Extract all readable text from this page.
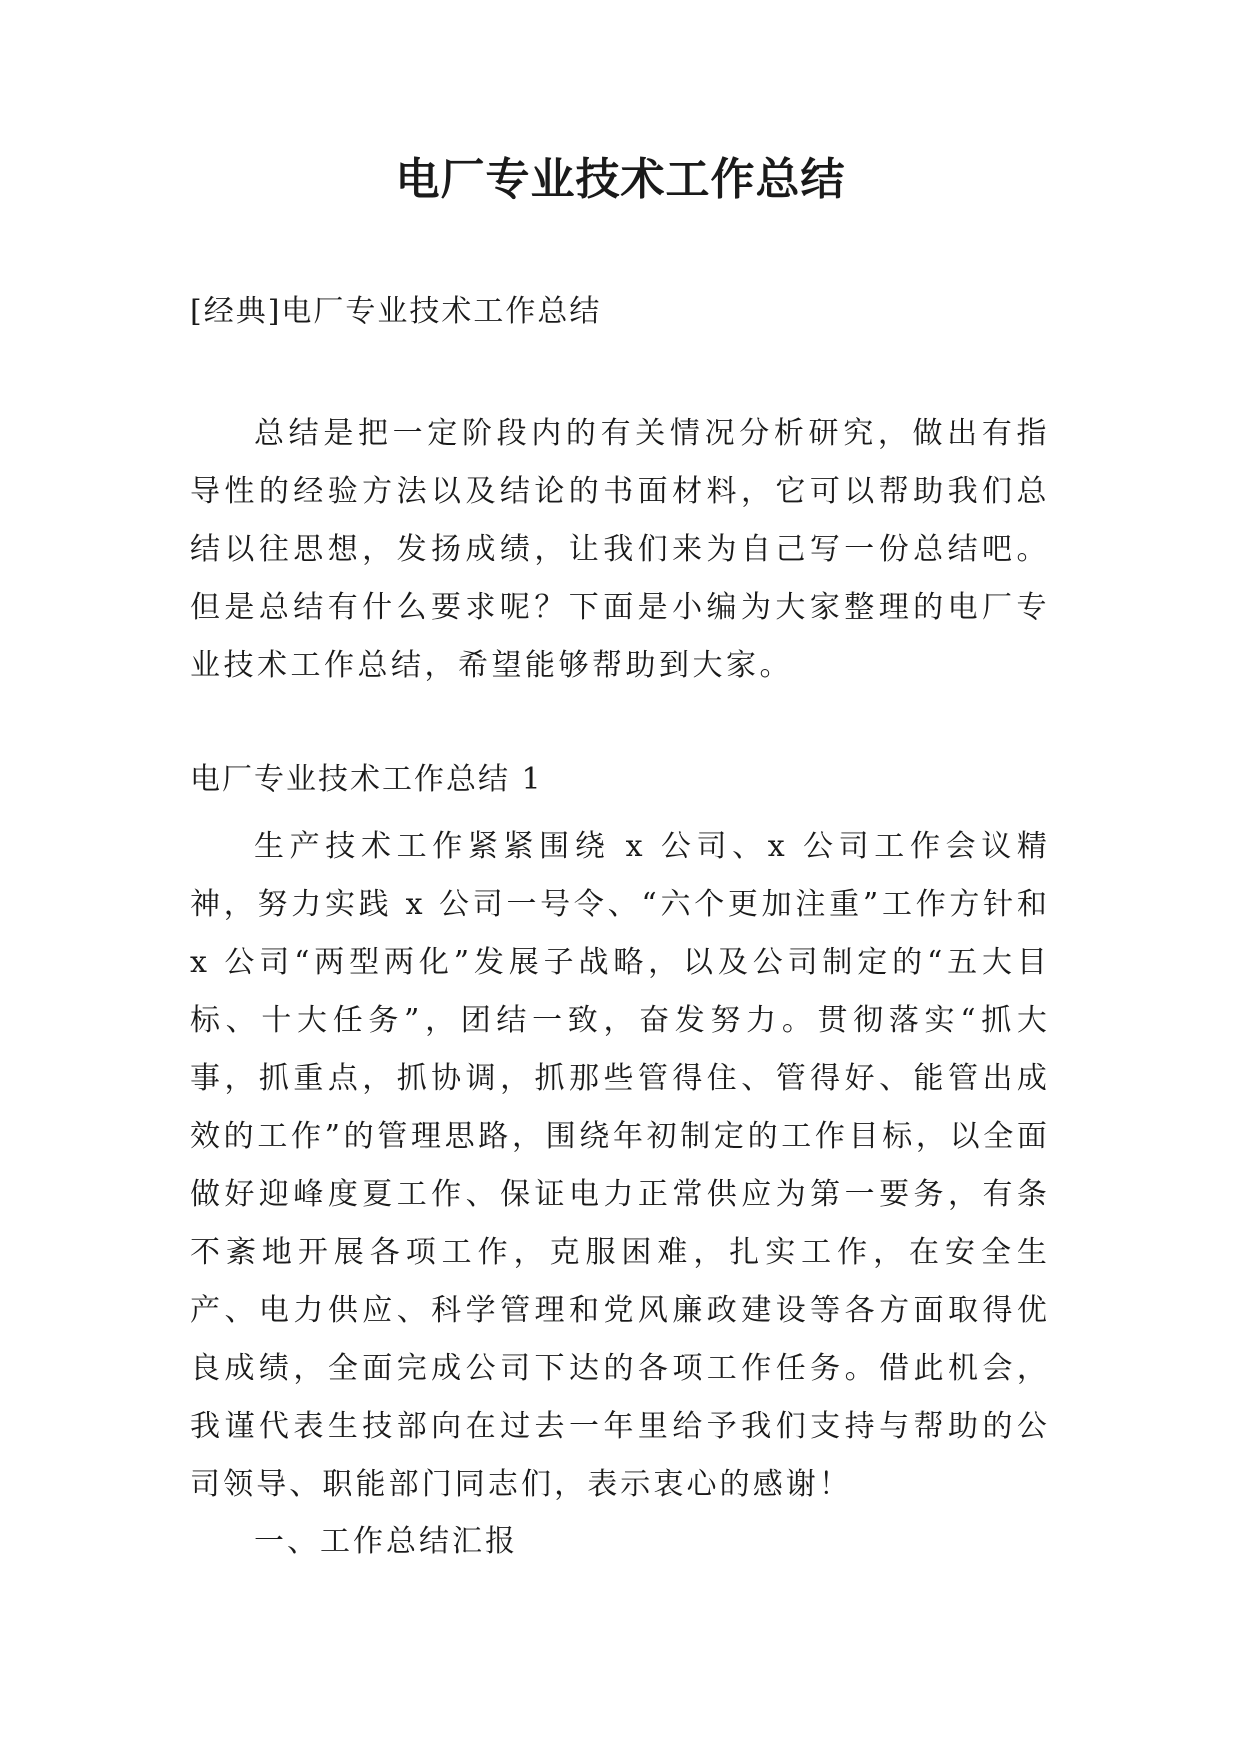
电厂专业技术工作总结
[经典]电厂专业技术工作总结

总结是把一定阶段内的有关情况分析研究，做出有指导性的经验方法以及结论的书面材料，它可以帮助我们总结以往思想，发扬成绩，让我们来为自己写一份总结吧。但是总结有什么要求呢？下面是小编为大家整理的电厂专业技术工作总结，希望能够帮助到大家。

电厂专业技术工作总结 1

生产技术工作紧紧围绕 x 公司、x 公司工作会议精神，努力实践 x 公司一号令、“六个更加注重”工作方针和 x 公司“两型两化”发展子战略，以及公司制定的“五大目标、十大任务”，团结一致，奋发努力。贯彻落实“抓大事，抓重点，抓协调，抓那些管得住、管得好、能管出成效的工作”的管理思路，围绕年初制定的工作目标，以全面做好迎峰度夏工作、保证电力正常供应为第一要务，有条不紊地开展各项工作，克服困难，扎实工作，在安全生产、电力供应、科学管理和党风廉政建设等各方面取得优良成绩，全面完成公司下达的各项工作任务。借此机会，我谨代表生技部向在过去一年里给予我们支持与帮助的公司领导、职能部门同志们，表示衷心的感谢！

一、工作总结汇报
